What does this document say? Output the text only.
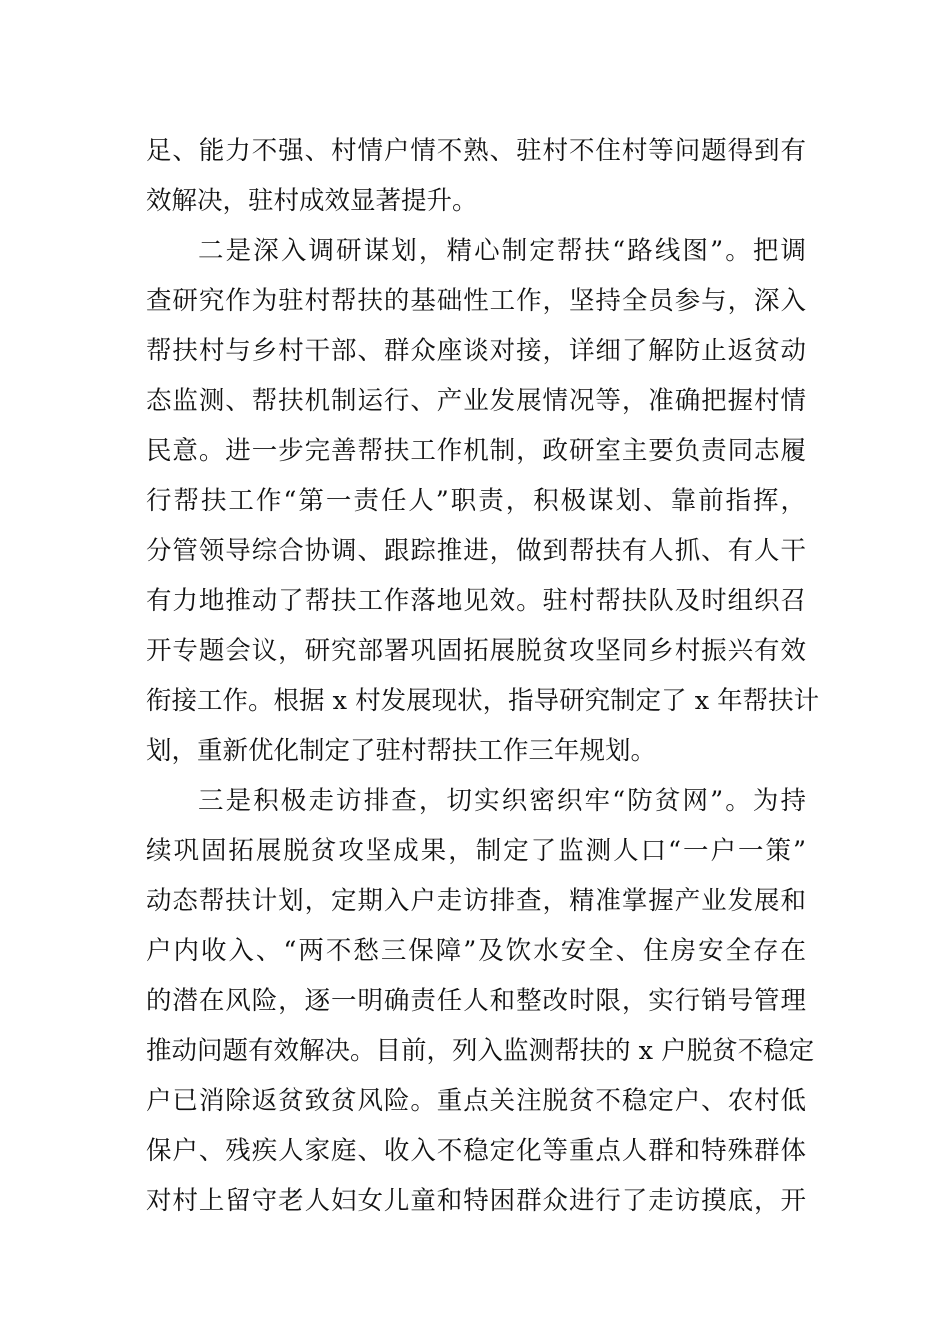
足、能力不强、村情户情不熟、驻村不住村等问题得到有
效解决，驻村成效显著提升。
二是深入调研谋划，精心制定帮扶“路线图”。把调
查研究作为驻村帮扶的基础性工作，坚持全员参与，深入
帮扶村与乡村干部、群众座谈对接，详细了解防止返贫动
态监测、帮扶机制运行、产业发展情况等，准确把握村情
民意。进一步完善帮扶工作机制，政研室主要负责同志履
行帮扶工作“第一责任人”职责，积极谋划、靠前指挥，
分管领导综合协调、跟踪推进，做到帮扶有人抓、有人干
有力地推动了帮扶工作落地见效。驻村帮扶队及时组织召
开专题会议，研究部署巩固拓展脱贫攻坚同乡村振兴有效
衔接工作。根据 x 村发展现状，指导研究制定了 x 年帮扶计
划，重新优化制定了驻村帮扶工作三年规划。
三是积极走访排查，切实织密织牢“防贫网”。为持
续巩固拓展脱贫攻坚成果，制定了监测人口“一户一策”
动态帮扶计划，定期入户走访排查，精准掌握产业发展和
户内收入、“两不愁三保障”及饮水安全、住房安全存在
的潜在风险，逐一明确责任人和整改时限，实行销号管理
推动问题有效解决。目前，列入监测帮扶的 x 户脱贫不稳定
户已消除返贫致贫风险。重点关注脱贫不稳定户、农村低
保户、残疾人家庭、收入不稳定化等重点人群和特殊群体
对村上留守老人妇女儿童和特困群众进行了走访摸底，开
